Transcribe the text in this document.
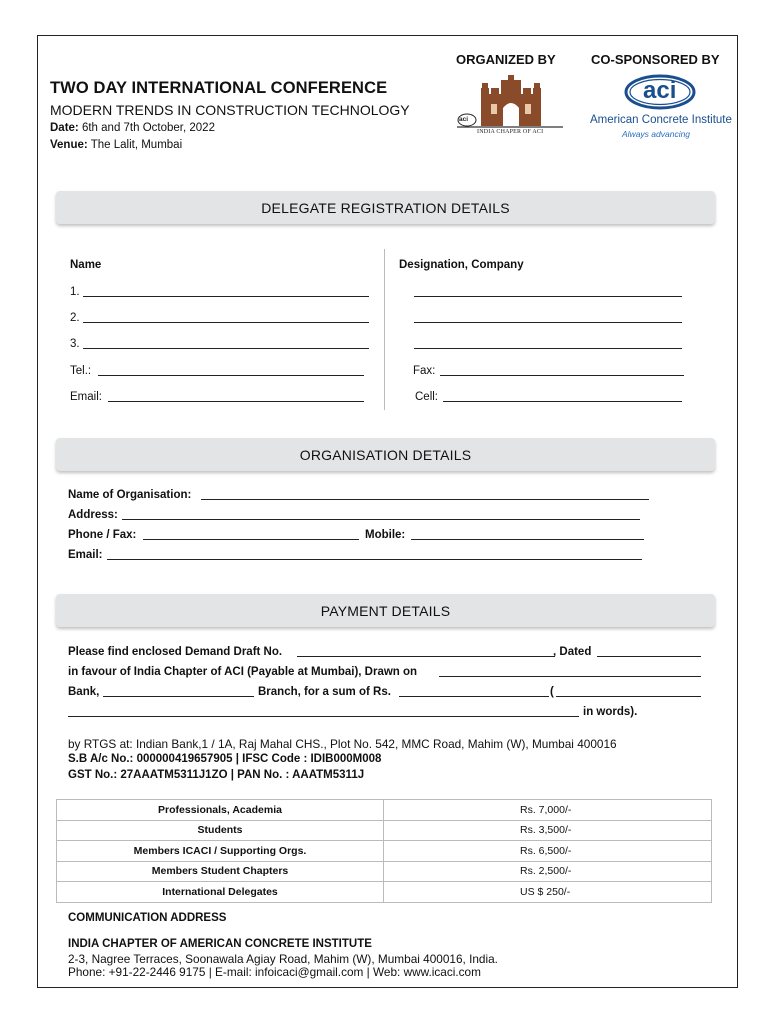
ORGANIZED BY	CO-SPONSORED BY
aci
INDIA CHAPER OF ACI
aci
American Concrete Institute
Always advancing
TWO DAY INTERNATIONAL CONFERENCE
MODERN TRENDS IN CONSTRUCTION TECHNOLOGY
Date: 6th and 7th October, 2022
Venue: The Lalit, Mumbai
DELEGATE REGISTRATION DETAILS
Name	Designation, Company
1.
2.
3.
Tel.:	Fax:
Email:	Cell:
ORGANISATION DETAILS
Name of Organisation:
Address:
Phone / Fax:	Mobile:
Email:
PAYMENT DETAILS
Please find enclosed Demand Draft No.	, Dated
in favour of India Chapter of ACI (Payable at Mumbai), Drawn on
Bank,	Branch, for a sum of Rs.	(
in words).
by RTGS at: Indian Bank,1 / 1A, Raj Mahal CHS., Plot No. 542, MMC Road, Mahim (W), Mumbai 400016
S.B A/c No.: 000000419657905 | IFSC Code : IDIB000M008
GST No.: 27AAATM5311J1ZO | PAN No. : AAATM5311J
Professionals, Academia	Rs. 7,000/-
Students	Rs. 3,500/-
Members ICACI / Supporting Orgs.	Rs. 6,500/-
Members Student Chapters	Rs. 2,500/-
International Delegates	US $ 250/-
COMMUNICATION ADDRESS
INDIA CHAPTER OF AMERICAN CONCRETE INSTITUTE
2-3, Nagree Terraces, Soonawala Agiay Road, Mahim (W), Mumbai 400016, India.
Phone: +91-22-2446 9175 | E-mail: infoicaci@gmail.com | Web: www.icaci.com
